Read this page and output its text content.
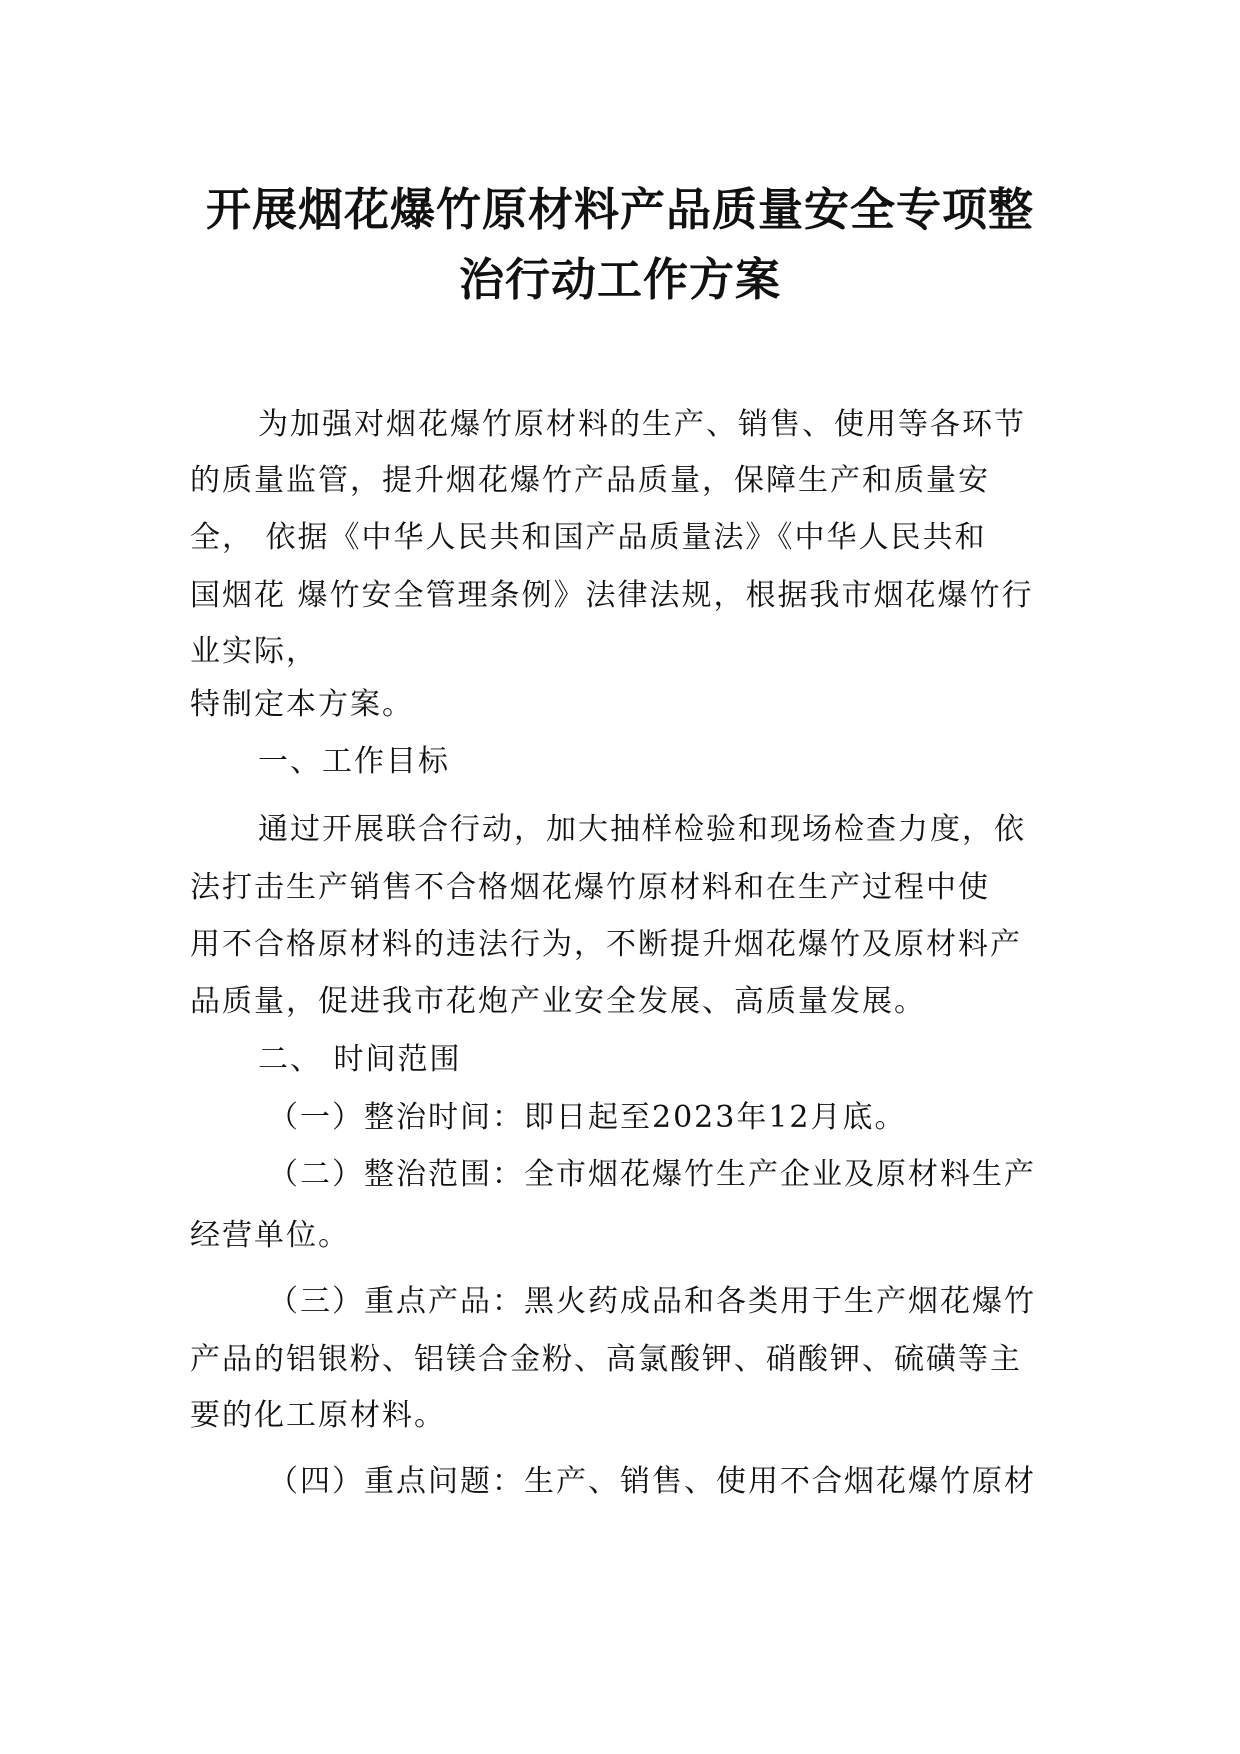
开展烟花爆竹原材料产品质量安全专项整
治行动工作方案

为加强对烟花爆竹原材料的生产、销售、使用等各环节

的质量监管，提升烟花爆竹产品质量，保障生产和质量安

全， 依据《中华人民共和国产品质量法》《中华人民共和

国烟花 爆竹安全管理条例》法律法规，根据我市烟花爆竹行

业实际，

特制定本方案。

一、工作目标

通过开展联合行动，加大抽样检验和现场检查力度，依

法打击生产销售不合格烟花爆竹原材料和在生产过程中使

用不合格原材料的违法行为，不断提升烟花爆竹及原材料产

品质量，促进我市花炮产业安全发展、高质量发展。

二、 时间范围

（一）整治时间：即日起至2023年12月底。

（二）整治范围：全市烟花爆竹生产企业及原材料生产

经营单位。

（三）重点产品：黑火药成品和各类用于生产烟花爆竹

产品的铝银粉、铝镁合金粉、高氯酸钾、硝酸钾、硫磺等主

要的化工原材料。

（四）重点问题：生产、销售、使用不合烟花爆竹原材
